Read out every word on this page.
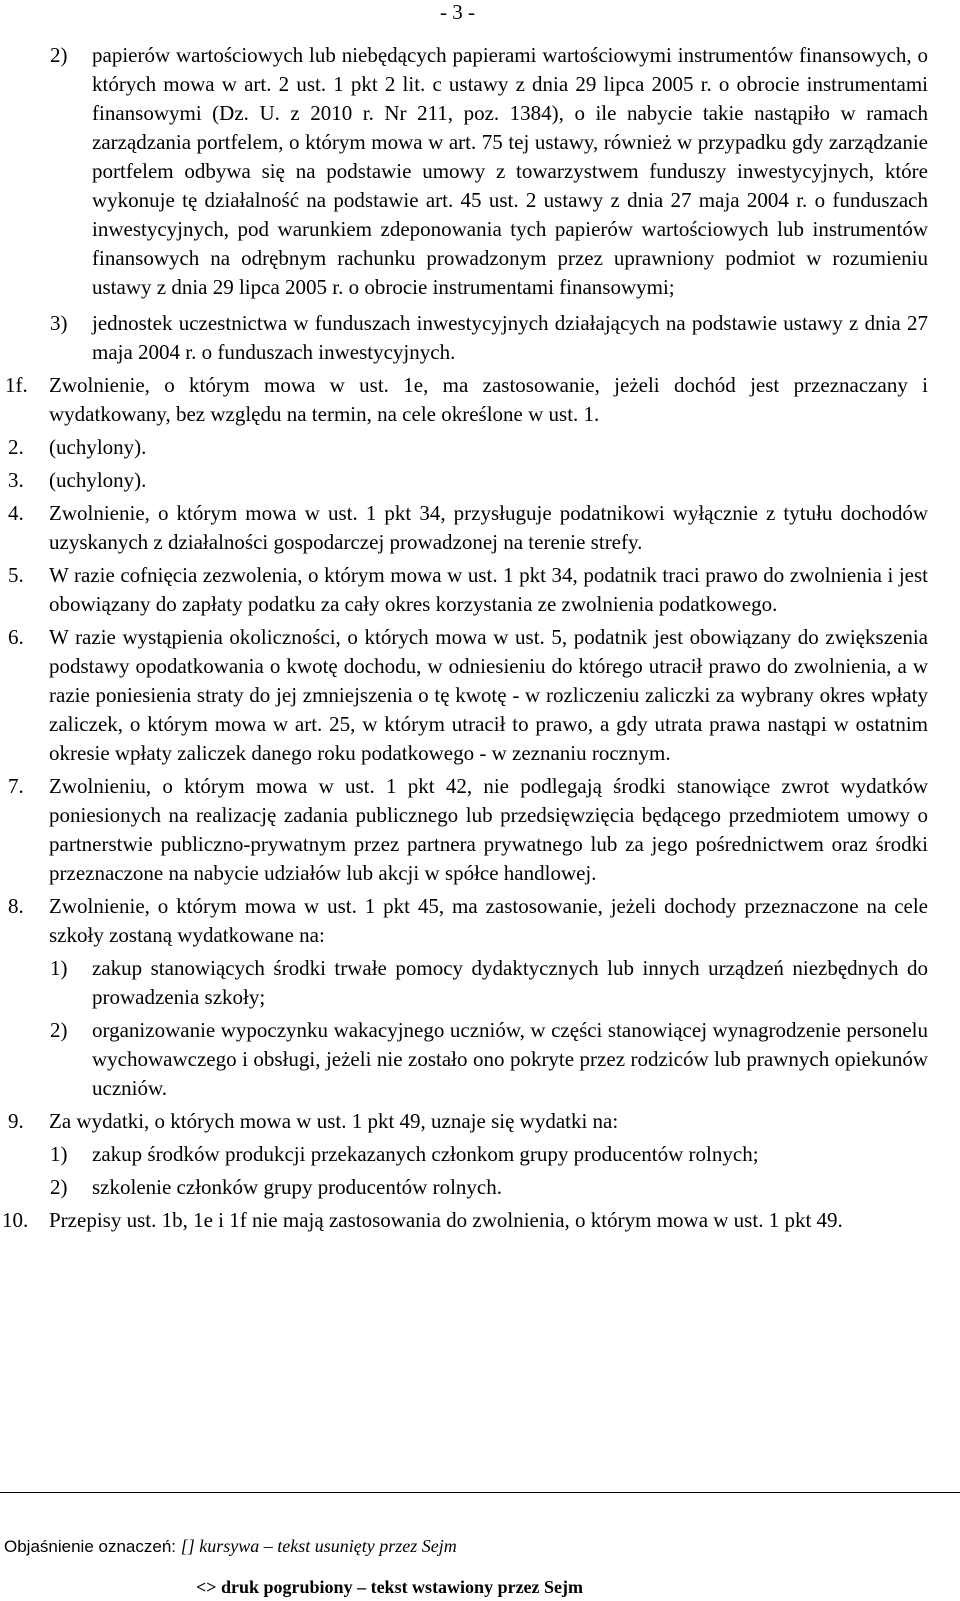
- 3 -
2) papierów wartościowych lub niebędących papierami wartościowymi instrumentów finansowych, o których mowa w art. 2 ust. 1 pkt 2 lit. c ustawy z dnia 29 lipca 2005 r. o obrocie instrumentami finansowymi (Dz. U. z 2010 r. Nr 211, poz. 1384), o ile nabycie takie nastąpiło w ramach zarządzania portfelem, o którym mowa w art. 75 tej ustawy, również w przypadku gdy zarządzanie portfelem odbywa się na podstawie umowy z towarzystwem funduszy inwestycyjnych, które wykonuje tę działalność na podstawie art. 45 ust. 2 ustawy z dnia 27 maja 2004 r. o funduszach inwestycyjnych, pod warunkiem zdeponowania tych papierów wartościowych lub instrumentów finansowych na odrębnym rachunku prowadzonym przez uprawniony podmiot w rozumieniu ustawy z dnia 29 lipca 2005 r. o obrocie instrumentami finansowymi;
3) jednostek uczestnictwa w funduszach inwestycyjnych działających na podstawie ustawy z dnia 27 maja 2004 r. o funduszach inwestycyjnych.
1f. Zwolnienie, o którym mowa w ust. 1e, ma zastosowanie, jeżeli dochód jest przeznaczany i wydatkowany, bez względu na termin, na cele określone w ust. 1.
2. (uchylony).
3. (uchylony).
4. Zwolnienie, o którym mowa w ust. 1 pkt 34, przysługuje podatnikowi wyłącznie z tytułu dochodów uzyskanych z działalności gospodarczej prowadzonej na terenie strefy.
5. W razie cofnięcia zezwolenia, o którym mowa w ust. 1 pkt 34, podatnik traci prawo do zwolnienia i jest obowiązany do zapłaty podatku za cały okres korzystania ze zwolnienia podatkowego.
6. W razie wystąpienia okoliczności, o których mowa w ust. 5, podatnik jest obowiązany do zwiększenia podstawy opodatkowania o kwotę dochodu, w odniesieniu do którego utracił prawo do zwolnienia, a w razie poniesienia straty do jej zmniejszenia o tę kwotę - w rozliczeniu zaliczki za wybrany okres wpłaty zaliczek, o którym mowa w art. 25, w którym utracił to prawo, a gdy utrata prawa nastąpi w ostatnim okresie wpłaty zaliczek danego roku podatkowego - w zeznaniu rocznym.
7. Zwolnieniu, o którym mowa w ust. 1 pkt 42, nie podlegają środki stanowiące zwrot wydatków poniesionych na realizację zadania publicznego lub przedsięwzięcia będącego przedmiotem umowy o partnerstwie publiczno-prywatnym przez partnera prywatnego lub za jego pośrednictwem oraz środki przeznaczone na nabycie udziałów lub akcji w spółce handlowej.
8. Zwolnienie, o którym mowa w ust. 1 pkt 45, ma zastosowanie, jeżeli dochody przeznaczone na cele szkoły zostaną wydatkowane na:
1) zakup stanowiących środki trwałe pomocy dydaktycznych lub innych urządzeń niezbędnych do prowadzenia szkoły;
2) organizowanie wypoczynku wakacyjnego uczniów, w części stanowiącej wynagrodzenie personelu wychowawczego i obsługi, jeżeli nie zostało ono pokryte przez rodziców lub prawnych opiekunów uczniów.
9. Za wydatki, o których mowa w ust. 1 pkt 49, uznaje się wydatki na:
1) zakup środków produkcji przekazanych członkom grupy producentów rolnych;
2) szkolenie członków grupy producentów rolnych.
10. Przepisy ust. 1b, 1e i 1f nie mają zastosowania do zwolnienia, o którym mowa w ust. 1 pkt 49.
Objaśnienie oznaczeń: [] kursywa – tekst usunięty przez Sejm
<> druk pogrubiony – tekst wstawiony przez Sejm
